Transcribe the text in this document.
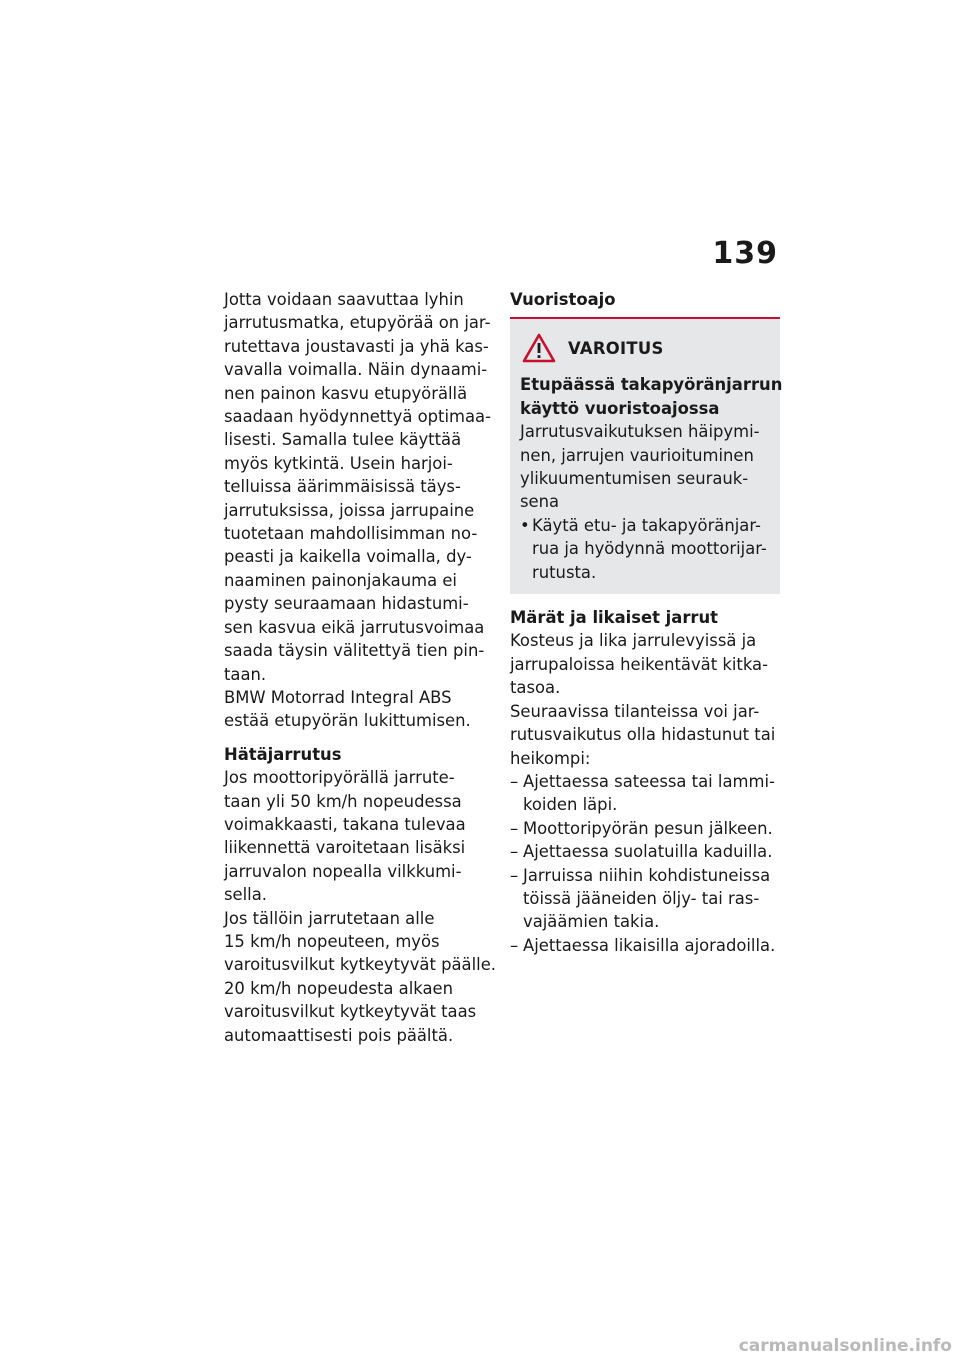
139

Jotta voidaan saavuttaa lyhin

jarrutusmatka, etupyörää on jar-

rutettava joustavasti ja yhä kas-

vavalla voimalla. Näin dynaami-

nen painon kasvu etupyörällä

saadaan hyödynnettyä optimaa-

lisesti. Samalla tulee käyttää

myös kytkintä. Usein harjoi-

telluissa äärimmäisissä täys-

jarrutuksissa, joissa jarrupaine

tuotetaan mahdollisimman no-

peasti ja kaikella voimalla, dy-

naaminen painonjakauma ei

pysty seuraamaan hidastumi-

sen kasvua eikä jarrutusvoimaa

saada täysin välitettyä tien pin-

taan.

BMW Motorrad Integral ABS

estää etupyörän lukittumisen.

Hätäjarrutus

Jos moottoripyörällä jarrute-

taan yli 50 km/h nopeudessa

voimakkaasti, takana tulevaa

liikennettä varoitetaan lisäksi

jarruvalon nopealla vilkkumi-

sella.

Jos tällöin jarrutetaan alle

15 km/h nopeuteen, myös

varoitusvilkut kytkeytyvät päälle.

20 km/h nopeudesta alkaen

varoitusvilkut kytkeytyvät taas

automaattisesti pois päältä.

Vuoristoajo

VAROITUS

Etupäässä takapyöränjarrun

käyttö vuoristoajossa

Jarrutusvaikutuksen häipymi-

nen, jarrujen vaurioituminen

ylikuumentumisen seurauk-

sena

• Käytä etu- ja takapyöränjar-

rua ja hyödynnä moottorijar-

rutusta.

Märät ja likaiset jarrut

Kosteus ja lika jarrulevyissä ja

jarrupaloissa heikentävät kitka-

tasoa.

Seuraavissa tilanteissa voi jar-

rutusvaikutus olla hidastunut tai

heikompi:

– Ajettaessa sateessa tai lammi-

koiden läpi.

– Moottoripyörän pesun jälkeen.

– Ajettaessa suolatuilla kaduilla.

– Jarruissa niihin kohdistuneissa

töissä jääneiden öljy- tai ras-

vajäämien takia.

– Ajettaessa likaisilla ajoradoilla.

carmanualsonline.info
